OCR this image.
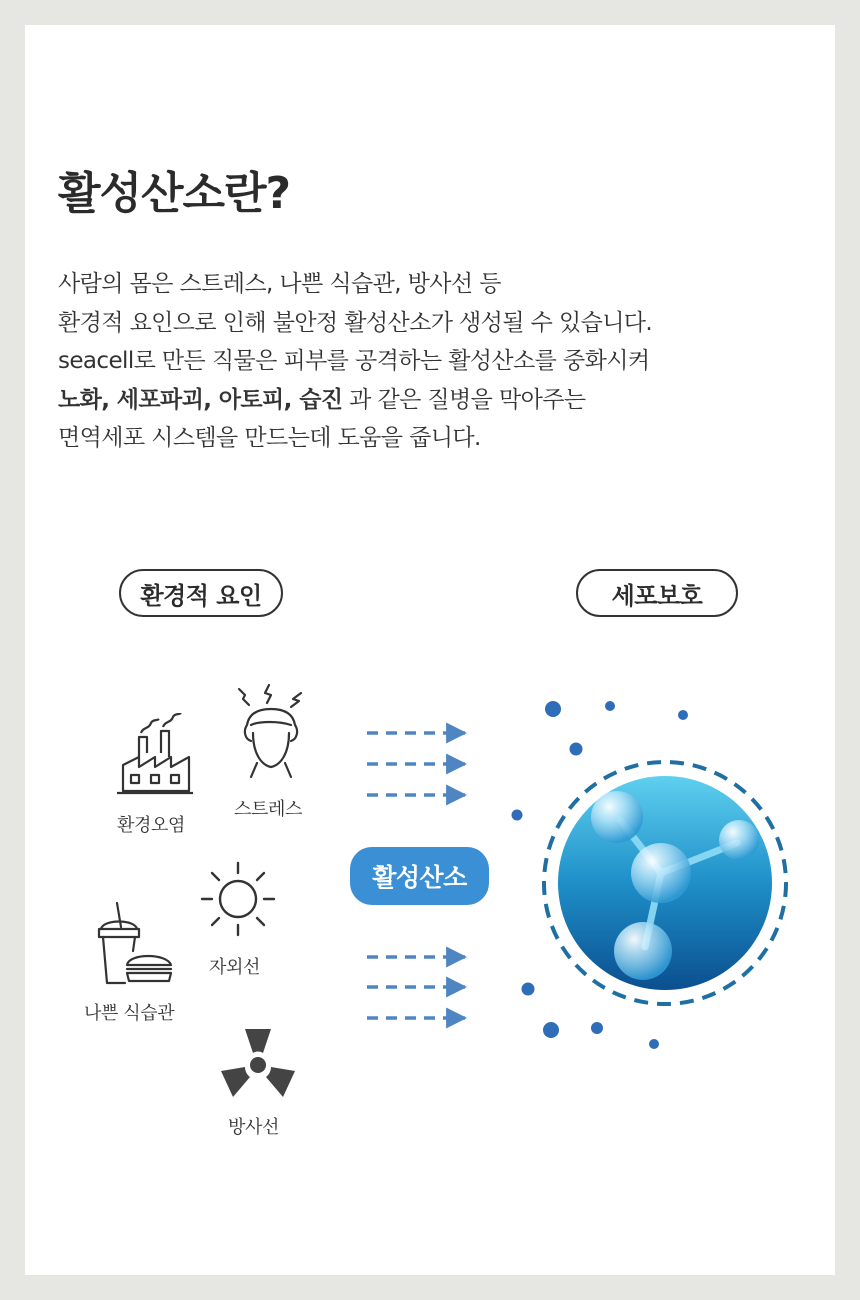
활성산소란?
사람의 몸은 스트레스, 나쁜 식습관, 방사선 등
환경적 요인으로 인해 불안정 활성산소가 생성될 수 있습니다.
seacell로 만든 직물은 피부를 공격하는 활성산소를 중화시켜
노화, 세포파괴, 아토피, 습진 과 같은 질병을 막아주는
면역세포 시스템을 만드는데 도움을 줍니다.
환경적 요인	세포보호
환경오염
스트레스
자외선
나쁜 식습관
방사선
활성산소
